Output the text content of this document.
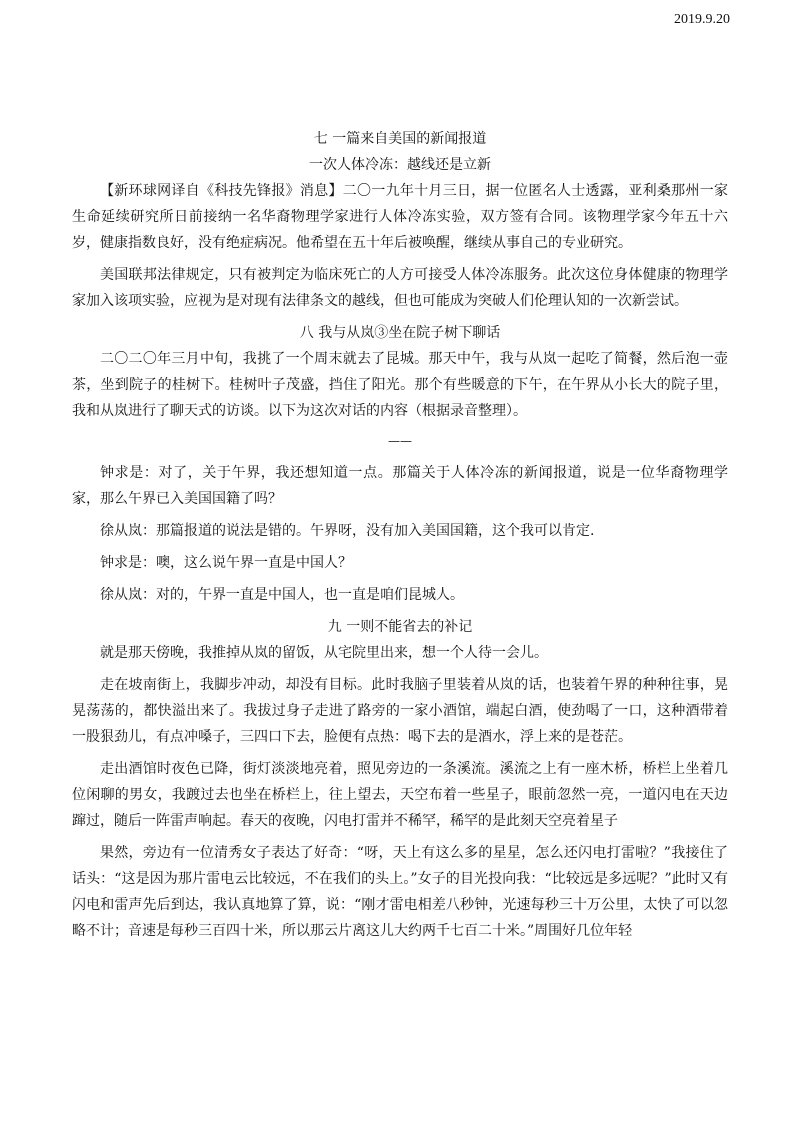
2019.9.20
七 一篇来自美国的新闻报道
一次人体冷冻：越线还是立新

【新环球网译自《科技先锋报》消息】二〇一九年十月三日，据一位匿名人士透露，亚利桑那州一家生命延续研究所日前接纳一名华裔物理学家进行人体冷冻实验，双方签有合同。该物理学家今年五十六岁，健康指数良好，没有绝症病况。他希望在五十年后被唤醒，继续从事自己的专业研究。

美国联邦法律规定，只有被判定为临床死亡的人方可接受人体冷冻服务。此次这位身体健康的物理学家加入该项实验，应视为是对现有法律条文的越线，但也可能成为突破人们伦理认知的一次新尝试。

八 我与从岚③坐在院子树下聊话

二〇二〇年三月中旬，我挑了一个周末就去了昆城。那天中午，我与从岚一起吃了简餐，然后泡一壶茶，坐到院子的桂树下。桂树叶子茂盛，挡住了阳光。那个有些暖意的下午，在午界从小长大的院子里，我和从岚进行了聊天式的访谈。以下为这次对话的内容（根据录音整理）。

——

钟求是：对了，关于午界，我还想知道一点。那篇关于人体冷冻的新闻报道，说是一位华裔物理学家，那么午界已入美国国籍了吗？

徐从岚：那篇报道的说法是错的。午界呀，没有加入美国国籍，这个我可以肯定.

钟求是：噢，这么说午界一直是中国人？

徐从岚：对的，午界一直是中国人，也一直是咱们昆城人。

九 一则不能省去的补记

就是那天傍晚，我推掉从岚的留饭，从宅院里出来，想一个人待一会儿。

走在坡南街上，我脚步冲动，却没有目标。此时我脑子里装着从岚的话，也装着午界的种种往事，晃晃荡荡的，都快溢出来了。我拔过身子走进了路旁的一家小酒馆，端起白酒，使劲喝了一口，这种酒带着一股狠劲儿，有点冲嗓子，三四口下去，脸便有点热：喝下去的是酒水，浮上来的是苍茫。

走出酒馆时夜色已降，街灯淡淡地亮着，照见旁边的一条溪流。溪流之上有一座木桥，桥栏上坐着几位闲聊的男女，我踱过去也坐在桥栏上，往上望去，天空布着一些星子，眼前忽然一亮，一道闪电在天边蹿过，随后一阵雷声响起。春天的夜晚，闪电打雷并不稀罕，稀罕的是此刻天空亮着星子

果然，旁边有一位清秀女子表达了好奇：“呀，天上有这么多的星星，怎么还闪电打雷啦？”我接住了话头：“这是因为那片雷电云比较远，不在我们的头上。”女子的目光投向我：“比较远是多远呢？”此时又有闪电和雷声先后到达，我认真地算了算，说：“刚才雷电相差八秒钟，光速每秒三十万公里，太快了可以忽略不计；音速是每秒三百四十米，所以那云片离这儿大约两千七百二十米。”周围好几位年轻
